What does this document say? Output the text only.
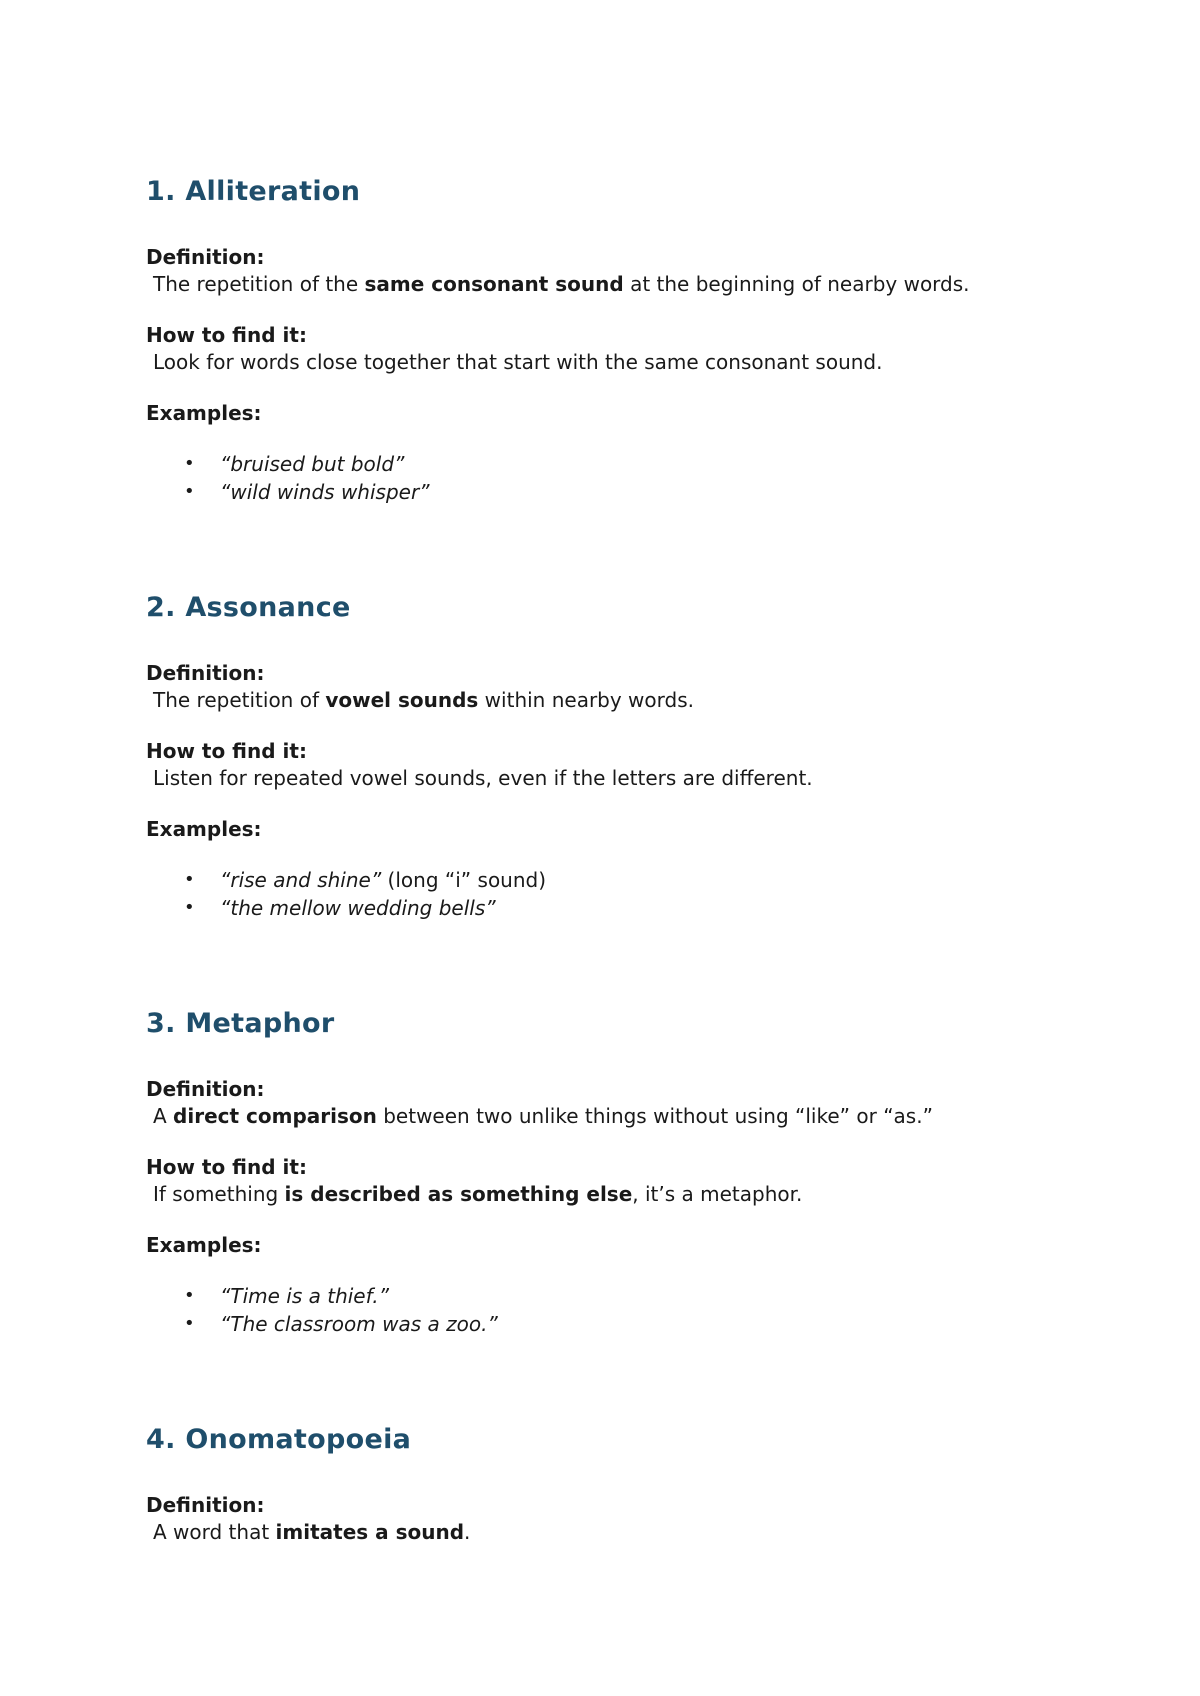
1. Alliteration

Definition:

The repetition of the same consonant sound at the beginning of nearby words.

How to find it:

Look for words close together that start with the same consonant sound.

Examples:

• “bruised but bold”
• “wild winds whisper”
2. Assonance

Definition:

The repetition of vowel sounds within nearby words.

How to find it:

Listen for repeated vowel sounds, even if the letters are different.

Examples:

• “rise and shine” (long “i” sound)
• “the mellow wedding bells”
3. Metaphor

Definition:

A direct comparison between two unlike things without using “like” or “as.”

How to find it:

If something is described as something else, it’s a metaphor.

Examples:

• “Time is a thief.”
• “The classroom was a zoo.”
4. Onomatopoeia

Definition:

A word that imitates a sound.
